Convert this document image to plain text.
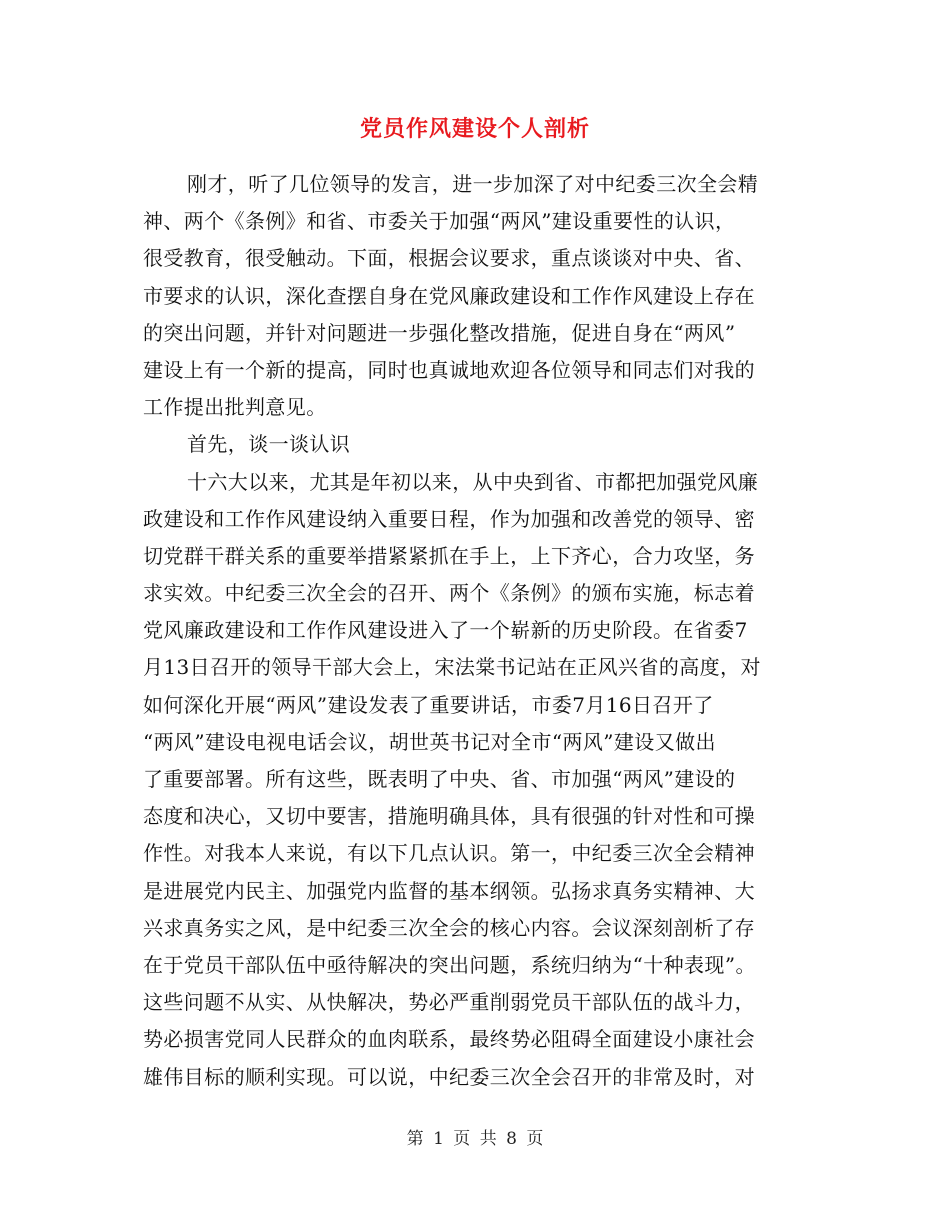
党员作风建设个人剖析
刚才，听了几位领导的发言，进一步加深了对中纪委三次全会精
神、两个《条例》和省、市委关于加强“两风”建设重要性的认识，
很受教育，很受触动。下面，根据会议要求，重点谈谈对中央、省、
市要求的认识，深化查摆自身在党风廉政建设和工作作风建设上存在
的突出问题，并针对问题进一步强化整改措施，促进自身在“两风”
建设上有一个新的提高，同时也真诚地欢迎各位领导和同志们对我的
工作提出批判意见。
首先，谈一谈认识
十六大以来，尤其是年初以来，从中央到省、市都把加强党风廉
政建设和工作作风建设纳入重要日程，作为加强和改善党的领导、密
切党群干群关系的重要举措紧紧抓在手上，上下齐心，合力攻坚，务
求实效。中纪委三次全会的召开、两个《条例》的颁布实施，标志着
党风廉政建设和工作作风建设进入了一个崭新的历史阶段。在省委7
月13日召开的领导干部大会上，宋法棠书记站在正风兴省的高度，对
如何深化开展“两风”建设发表了重要讲话，市委7月16日召开了
“两风”建设电视电话会议，胡世英书记对全市“两风”建设又做出
了重要部署。所有这些，既表明了中央、省、市加强“两风”建设的
态度和决心，又切中要害，措施明确具体，具有很强的针对性和可操
作性。对我本人来说，有以下几点认识。第一，中纪委三次全会精神
是进展党内民主、加强党内监督的基本纲领。弘扬求真务实精神、大
兴求真务实之风，是中纪委三次全会的核心内容。会议深刻剖析了存
在于党员干部队伍中亟待解决的突出问题，系统归纳为“十种表现”。
这些问题不从实、从快解决，势必严重削弱党员干部队伍的战斗力，
势必损害党同人民群众的血肉联系，最终势必阻碍全面建设小康社会
雄伟目标的顺利实现。可以说，中纪委三次全会召开的非常及时，对
第 1 页 共 8 页
